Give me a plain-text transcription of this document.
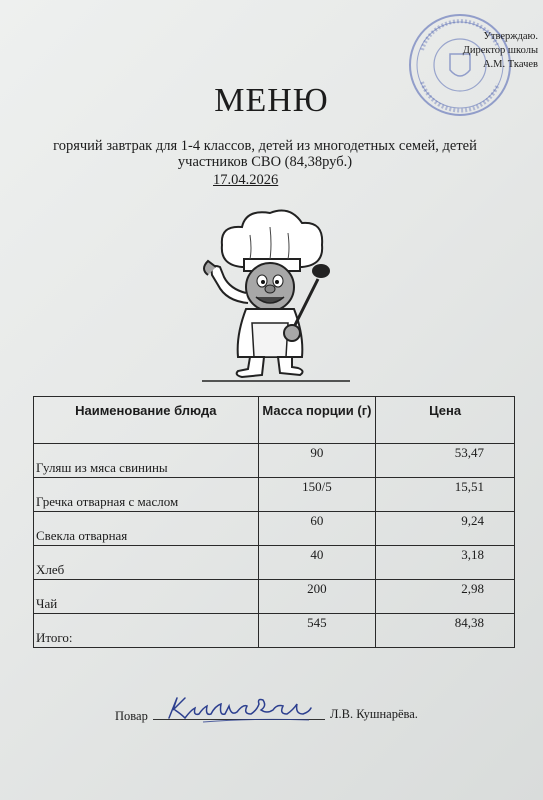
Утверждаю.
Директор школы
А.М. Ткачев
МЕНЮ
горячий завтрак для 1-4 классов, детей из многодетных семей, детей участников СВО (84,38руб.)
17.04.2026
Наименование блюда	Масса порции (г)	Цена
Гуляш из мяса свинины	90	53,47
Гречка отварная с маслом	150/5	15,51
Свекла отварная	60	9,24
Хлеб	40	3,18
Чай	200	2,98
Итого:	545	84,38
Повар	Л.В. Кушнарёва.
